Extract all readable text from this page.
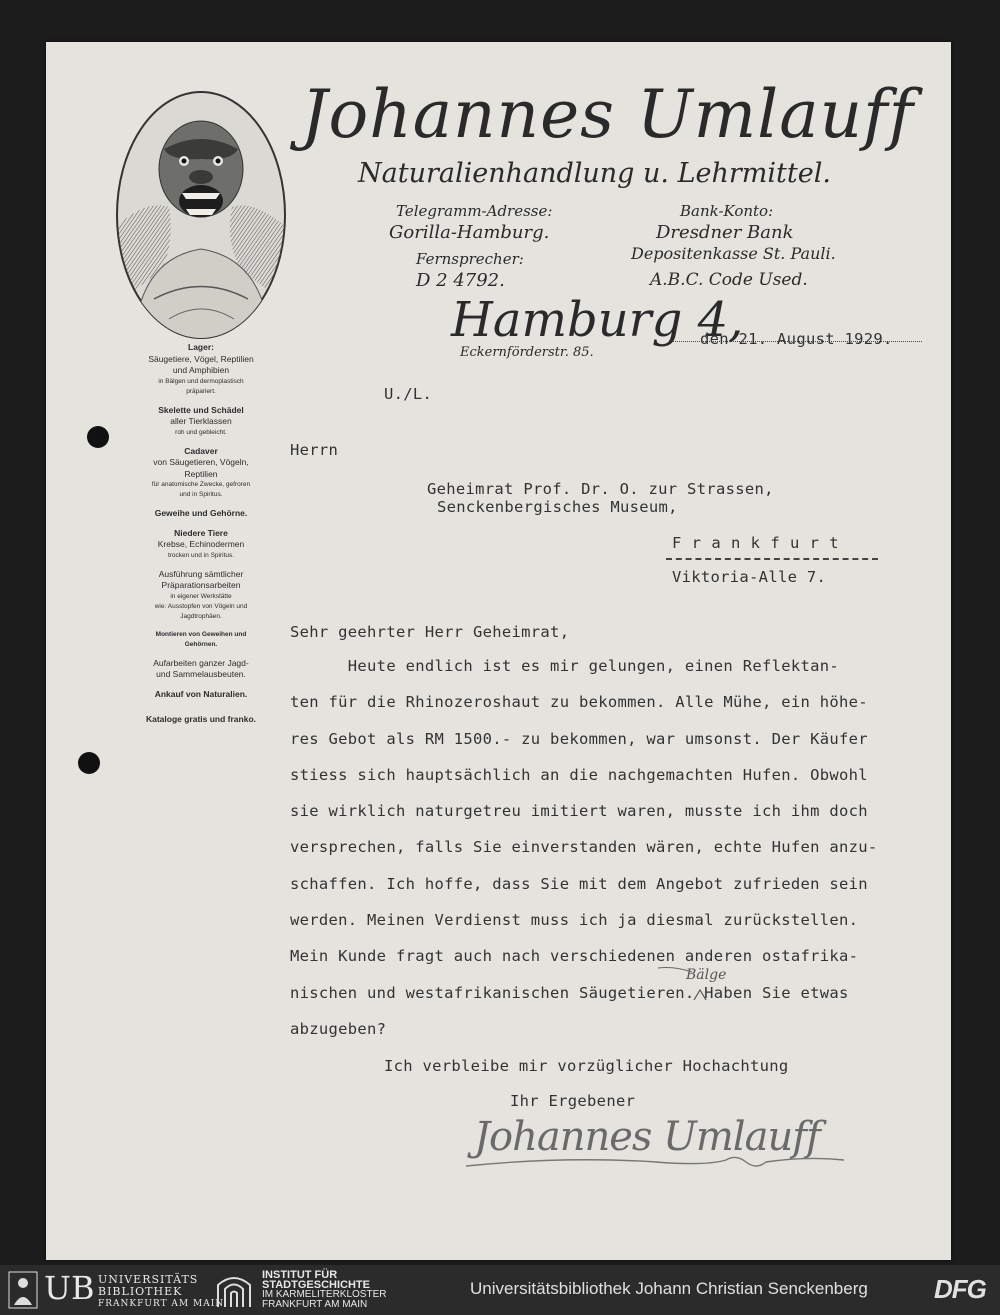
Johannes Umlauff
Naturalienhandlung u. Lehrmittel.
Telegramm-Adresse:
Gorilla-Hamburg.
Fernsprecher:
D 2 4792.
Bank-Konto:
Dresdner Bank
Depositenkasse St. Pauli.
A.B.C. Code Used.
Hamburg 4,
Eckernförderstr. 85.
Lager:
Säugetiere, Vögel, Reptilien
und Amphibien
in Bälgen und dermoplastisch
präpariert.
Skelette und Schädel
aller Tierklassen
roh und gebleicht.
Cadaver
von Säugetieren, Vögeln,
Reptilien
für anatomische Zwecke, gefroren
und in Spiritus.
Geweihe und Gehörne.
Niedere Tiere
Krebse, Echinodermen
trocken und in Spiritus.
Ausführung sämtlicher
Präparationsarbeiten
in eigener Werkstätte
wie: Ausstopfen von Vögeln und
Jagdtrophäen.
Montieren von Geweihen und
Gehörnen.
Aufarbeiten ganzer Jagd-
und Sammelausbeuten.
Ankauf von Naturalien.
Kataloge gratis und franko.
den 21. August 1929.
U./L.
Herrn
Geheimrat Prof. Dr. O. zur Strassen,
Senckenbergisches Museum,
F r a n k f u r t
Viktoria-Alle 7.
Sehr geehrter Herr Geheimrat,
Heute endlich ist es mir gelungen, einen Reflektan-
ten für die Rhinozeroshaut zu bekommen. Alle Mühe, ein höhe-
res Gebot als RM 1500.- zu bekommen, war umsonst. Der Käufer
stiess sich hauptsächlich an die nachgemachten Hufen. Obwohl
sie wirklich naturgetreu imitiert waren, musste ich ihm doch
versprechen, falls Sie einverstanden wären, echte Hufen anzu-
schaffen. Ich hoffe, dass Sie mit dem Angebot zufrieden sein
werden. Meinen Verdienst muss ich ja diesmal zurückstellen.
Mein Kunde fragt auch nach verschiedenen anderen ostafrika-
nischen und westafrikanischen Säugetieren. Haben Sie etwas
abzugeben?
Bälge
Ich verbleibe mir vorzüglicher Hochachtung
Ihr Ergebener
Johannes Umlauff
UB UNIVERSITÄTS
BIBLIOTHEK
FRANKFURT AM MAIN
INSTITUT FÜR
STADTGESCHICHTE
IM KARMELITERKLOSTER
FRANKFURT AM MAIN
Universitätsbibliothek Johann Christian Senckenberg	DFG
